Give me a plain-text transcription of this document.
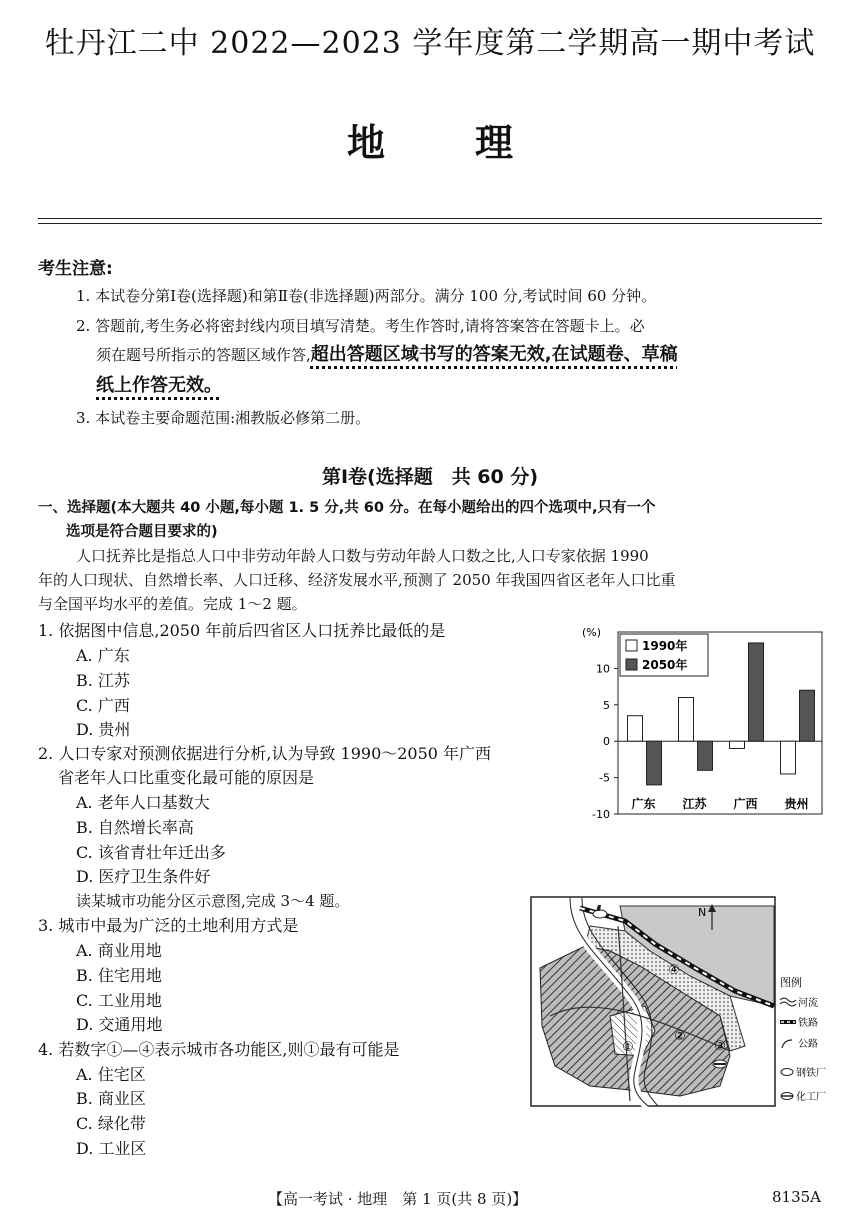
牡丹江二中 2022—2023 学年度第二学期高一期中考试
地理
考生注意:
1. 本试卷分第Ⅰ卷(选择题)和第Ⅱ卷(非选择题)两部分。满分 100 分,考试时间 60 分钟。
2. 答题前,考生务必将密封线内项目填写清楚。考生作答时,请将答案答在答题卡上。必
须在题号所指示的答题区域作答,超出答题区域书写的答案无效,在试题卷、草稿
纸上作答无效。
3. 本试卷主要命题范围:湘教版必修第二册。
第Ⅰ卷(选择题　共 60 分)
一、选择题(本大题共 40 小题,每小题 1. 5 分,共 60 分。在每小题给出的四个选项中,只有一个
选项是符合题目要求的)
人口抚养比是指总人口中非劳动年龄人口数与劳动年龄人口数之比,人口专家依据 1990
年的人口现状、自然增长率、人口迁移、经济发展水平,预测了 2050 年我国四省区老年人口比重
与全国平均水平的差值。完成 1～2 题。
1. 依据图中信息,2050 年前后四省区人口抚养比最低的是
A. 广东
B. 江苏
C. 广西
D. 贵州
2. 人口专家对预测依据进行分析,认为导致 1990～2050 年广西
省老年人口比重变化最可能的原因是
A. 老年人口基数大
B. 自然增长率高
C. 该省青壮年迁出多
D. 医疗卫生条件好
读某城市功能分区示意图,完成 3～4 题。
3. 城市中最为广泛的土地利用方式是
A. 商业用地
B. 住宅用地
C. 工业用地
D. 交通用地
4. 若数字①—④表示城市各功能区,则①最有可能是
A. 住宅区
B. 商业区
C. 绿化带
D. 工业区
(%)
10
5
0
-5
-10
广东 江苏 广西 贵州
1990年
2050年
①
②
③
④
N
图例
河流
铁路
公路
钢铁厂
化工厂
【高一考试 · 地理　第 1 页(共 8 页)】	8135A
